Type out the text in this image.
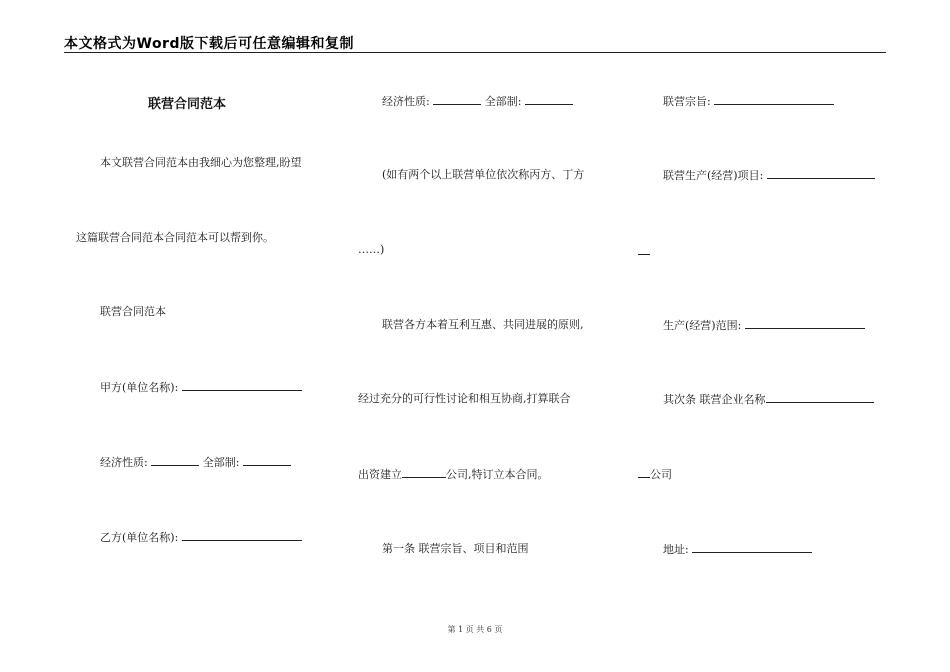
本文格式为Word版下载后可任意编辑和复制
联营合同范本
本文联营合同范本由我细心为您整理,盼望
这篇联营合同范本合同范本可以帮到你。
联营合同范本
甲方(单位名称):
经济性质:	全部制:
乙方(单位名称):
经济性质:	全部制:
(如有两个以上联营单位依次称丙方、丁方
……)
联营各方本着互利互惠、共同进展的原则,
经过充分的可行性讨论和相互协商,打算联合
出资建立	公司,特订立本合同。
第一条 联营宗旨、项目和范围
联营宗旨:
联营生产(经营)项目:
生产(经营)范围:
其次条 联营企业名称
公司
地址:
第 1 页 共 6 页
